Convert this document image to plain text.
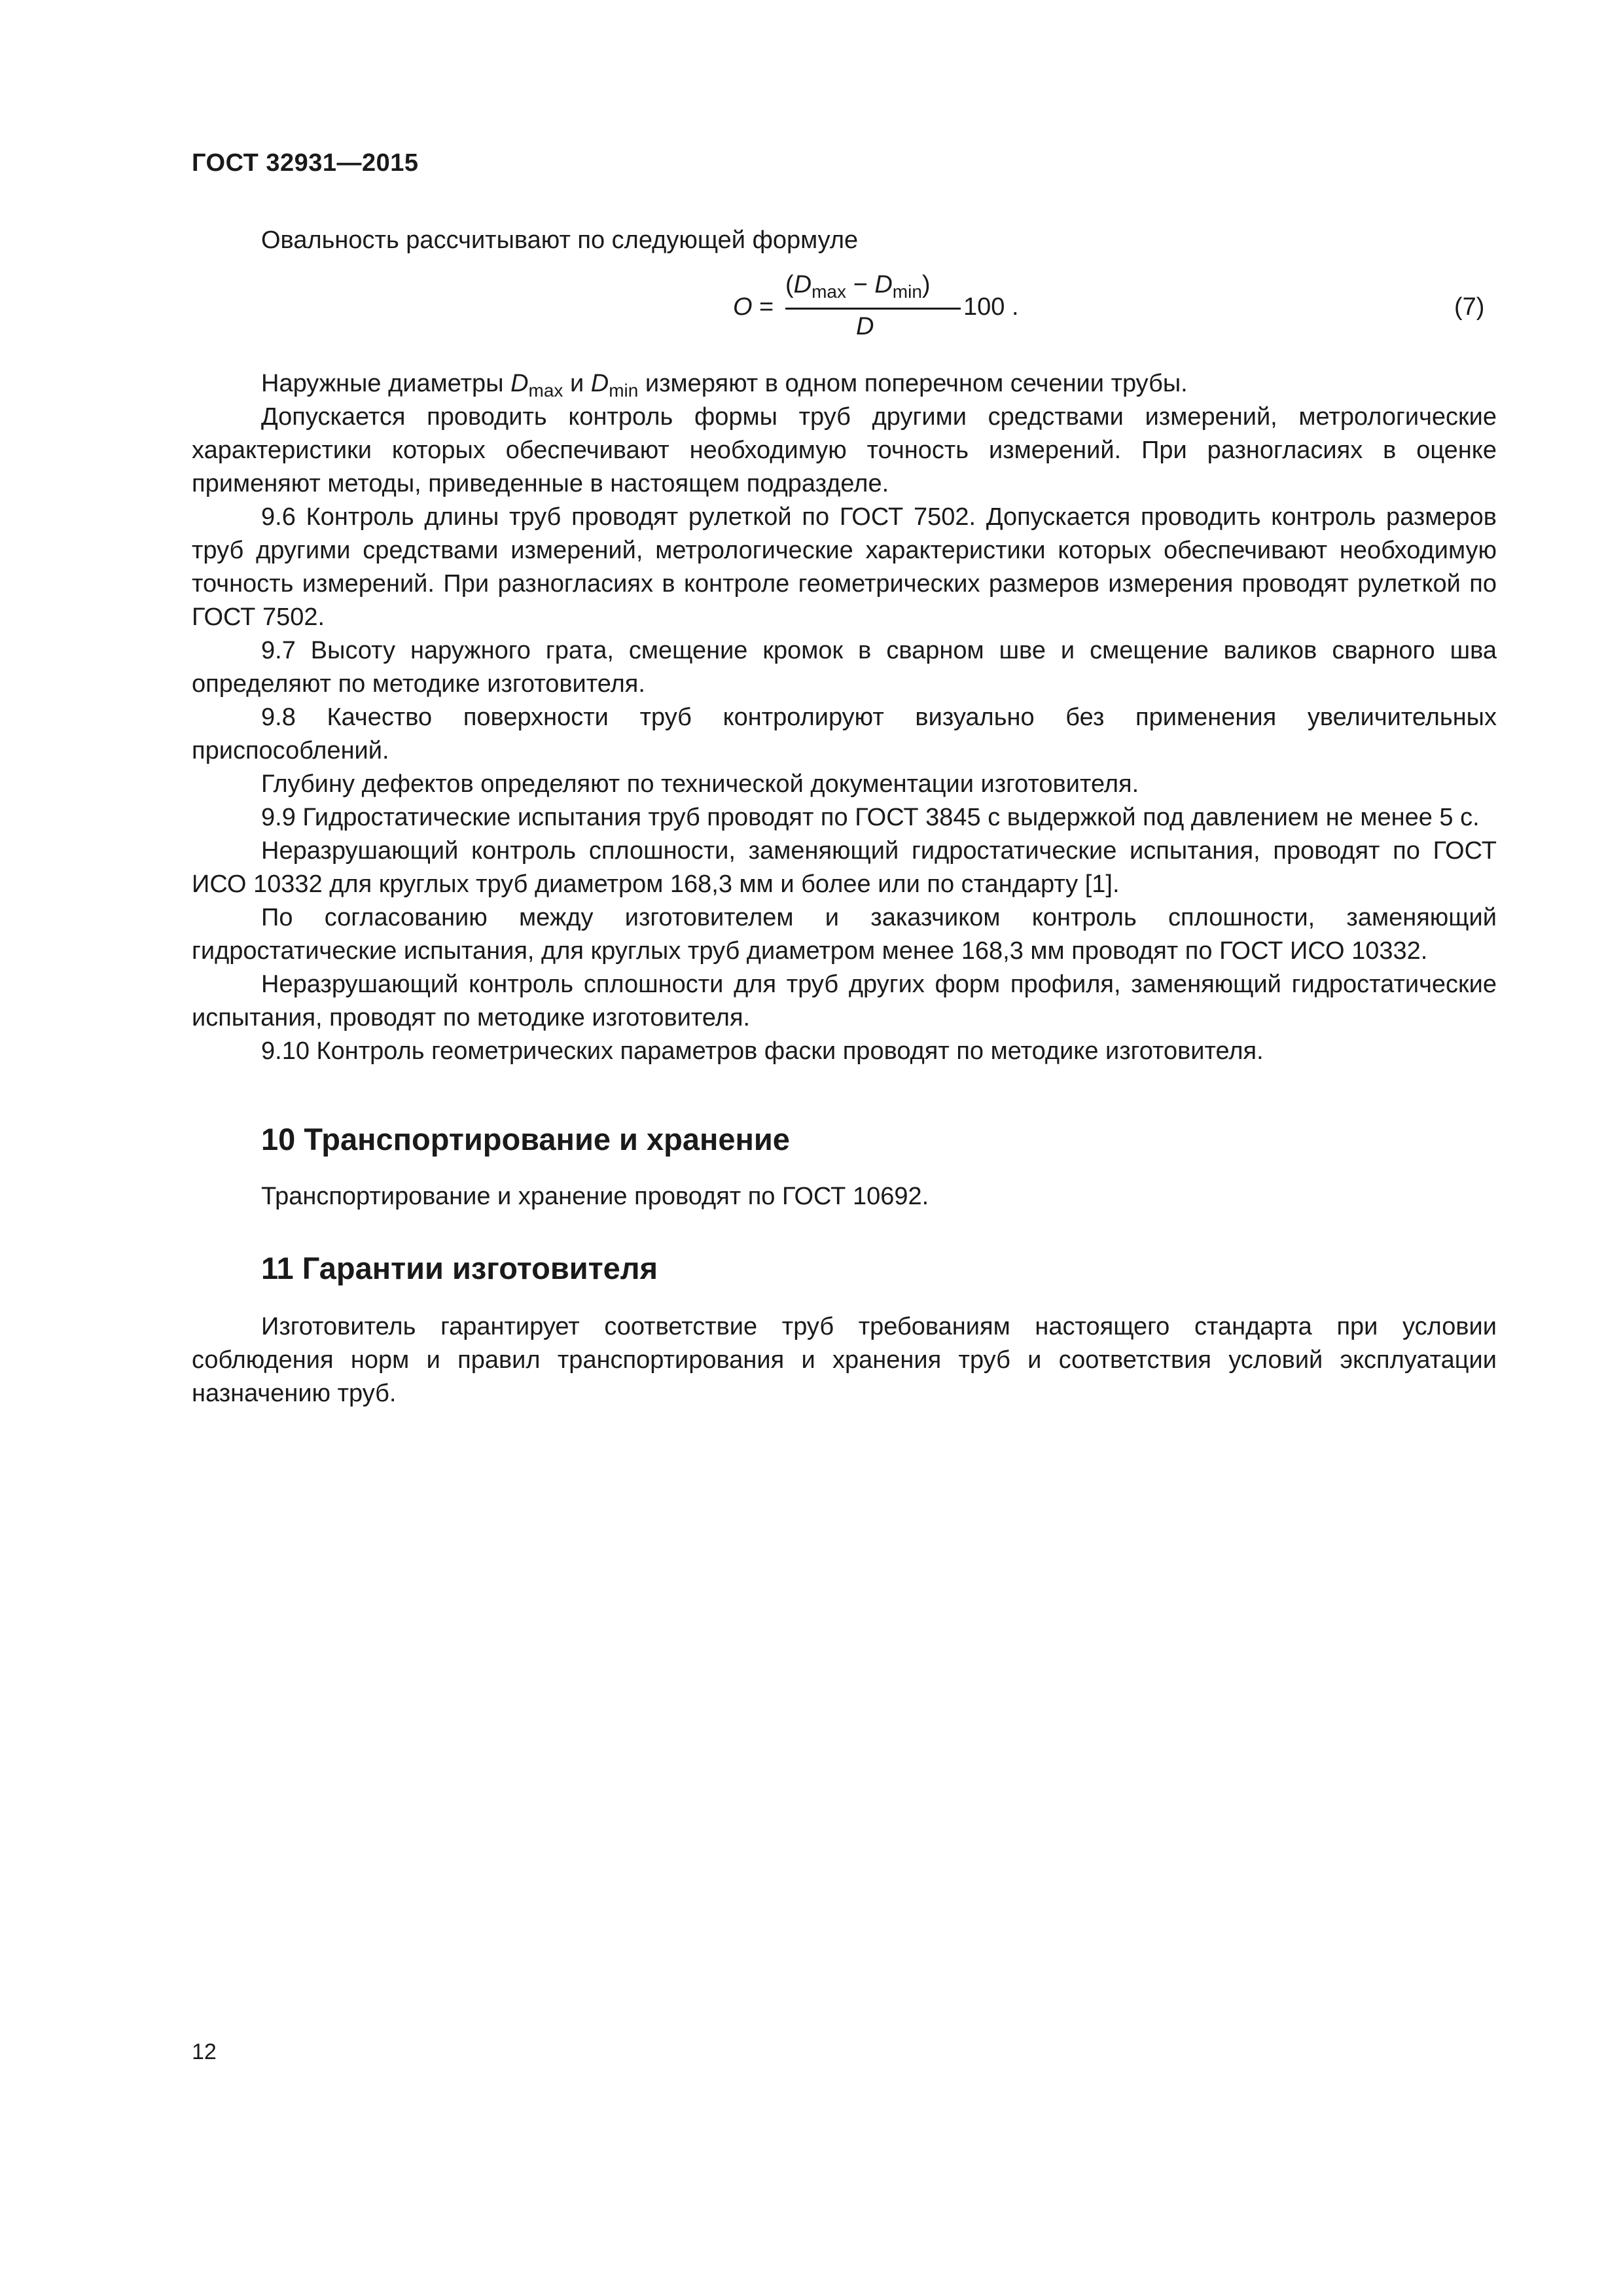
ГОСТ 32931—2015

Овальность рассчитывают по следующей формуле

O =
$(D_{max} - D_{min})$
D
100 .	(7)

Наружные диаметры $D_{max}$ и $D_{min}$ измеряют в одном поперечном сечении трубы.

Допускается проводить контроль формы труб другими средствами измерений, метрологические характеристики которых обеспечивают необходимую точность измерений. При разногласиях в оценке применяют методы, приведенные в настоящем подразделе.

9.6 Контроль длины труб проводят рулеткой по ГОСТ 7502. Допускается проводить контроль размеров труб другими средствами измерений, метрологические характеристики которых обеспечивают необходимую точность измерений. При разногласиях в контроле геометрических размеров измерения проводят рулеткой по ГОСТ 7502.

9.7 Высоту наружного грата, смещение кромок в сварном шве и смещение валиков сварного шва определяют по методике изготовителя.

9.8 Качество поверхности труб контролируют визуально без применения увеличительных приспособлений.

Глубину дефектов определяют по технической документации изготовителя.

9.9 Гидростатические испытания труб проводят по ГОСТ 3845 с выдержкой под давлением не менее 5 с.

Неразрушающий контроль сплошности, заменяющий гидростатические испытания, проводят по ГОСТ ИСО 10332 для круглых труб диаметром 168,3 мм и более или по стандарту [1].

По согласованию между изготовителем и заказчиком контроль сплошности, заменяющий гидростатические испытания, для круглых труб диаметром менее 168,3 мм проводят по ГОСТ ИСО 10332.

Неразрушающий контроль сплошности для труб других форм профиля, заменяющий гидростатические испытания, проводят по методике изготовителя.

9.10 Контроль геометрических параметров фаски проводят по методике изготовителя.

10 Транспортирование и хранение

Транспортирование и хранение проводят по ГОСТ 10692.

11 Гарантии изготовителя

Изготовитель гарантирует соответствие труб требованиям настоящего стандарта при условии соблюдения норм и правил транспортирования и хранения труб и соответствия условий эксплуатации назначению труб.

12
